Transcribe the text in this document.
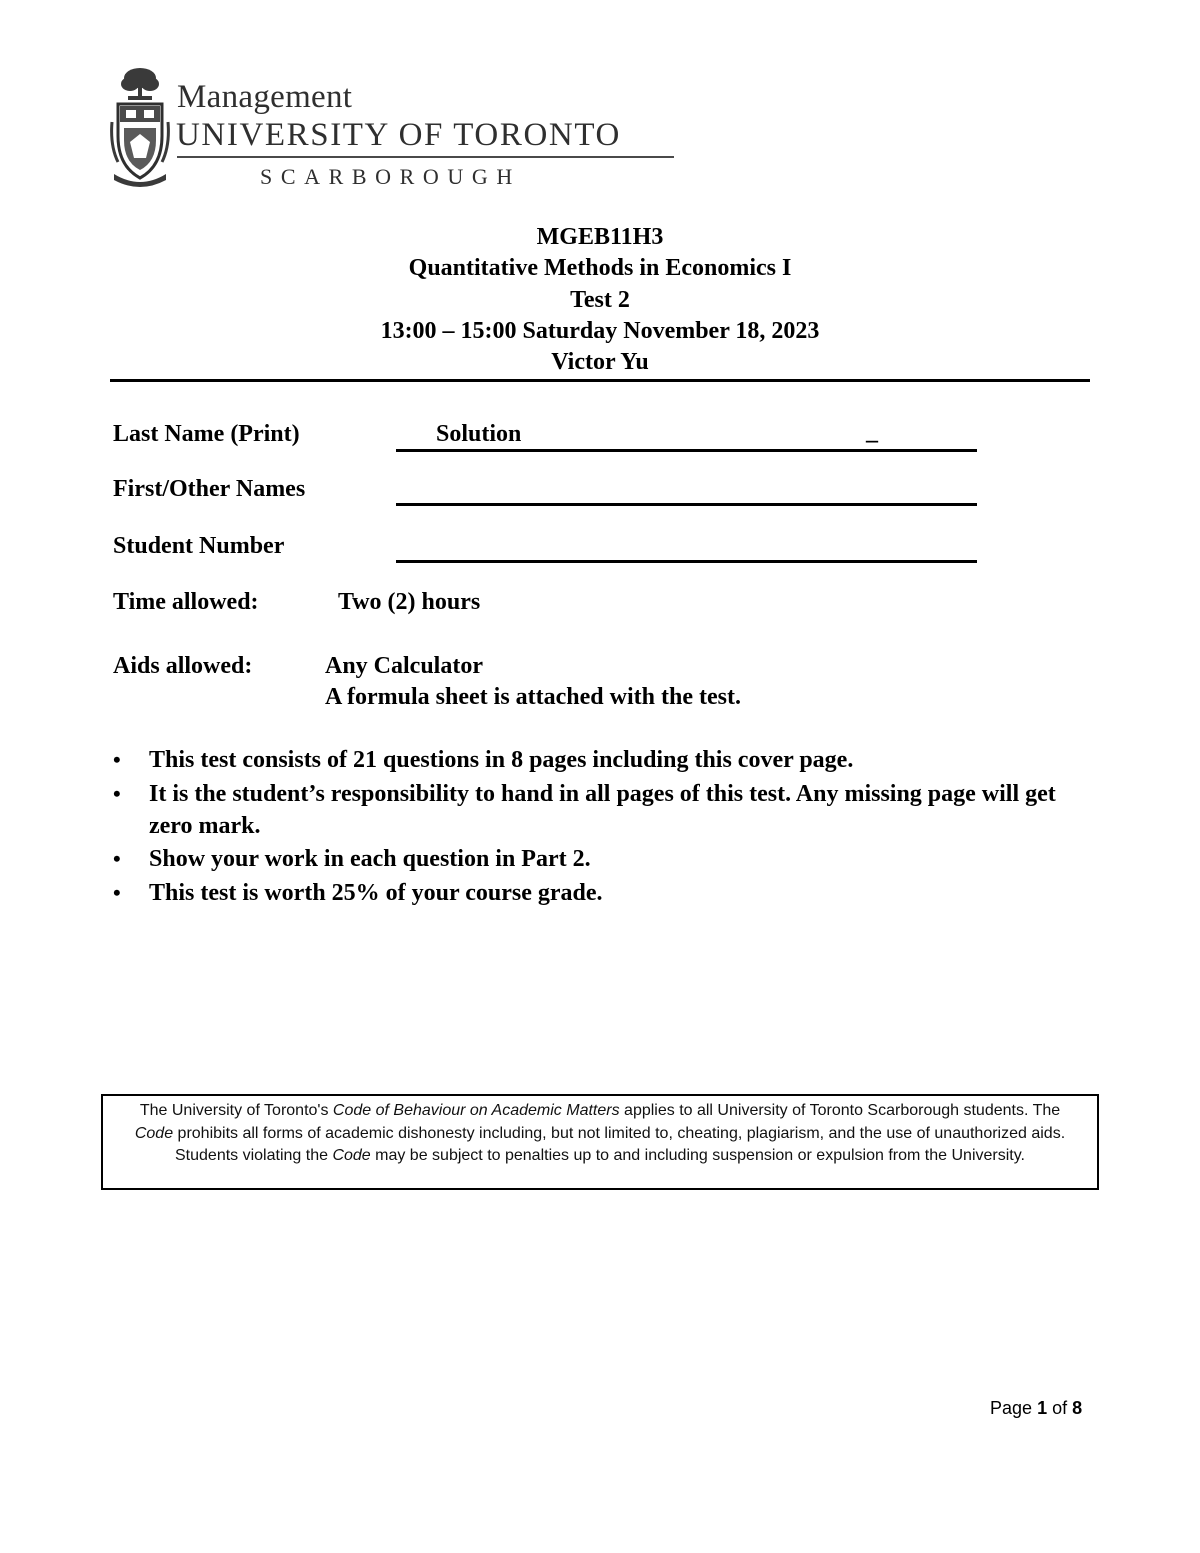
Management
UNIVERSITY OF TORONTO
SCARBOROUGH
MGEB11H3
Quantitative Methods in Economics I
Test 2
13:00 – 15:00 Saturday November 18, 2023
Victor Yu
Last Name (Print)	Solution	_
First/Other Names
Student Number
Time allowed:	Two (2) hours
Aids allowed:	Any Calculator
A formula sheet is attached with the test.
•	This test consists of 21 questions in 8 pages including this cover page.
•	It is the student’s responsibility to hand in all pages of this test. Any missing page will get zero mark.
•	Show your work in each question in Part 2.
•	This test is worth 25% of your course grade.
The University of Toronto's Code of Behaviour on Academic Matters applies to all University of Toronto Scarborough students. The Code prohibits all forms of academic dishonesty including, but not limited to, cheating, plagiarism, and the use of unauthorized aids. Students violating the Code may be subject to penalties up to and including suspension or expulsion from the University.
Page 1 of 8
